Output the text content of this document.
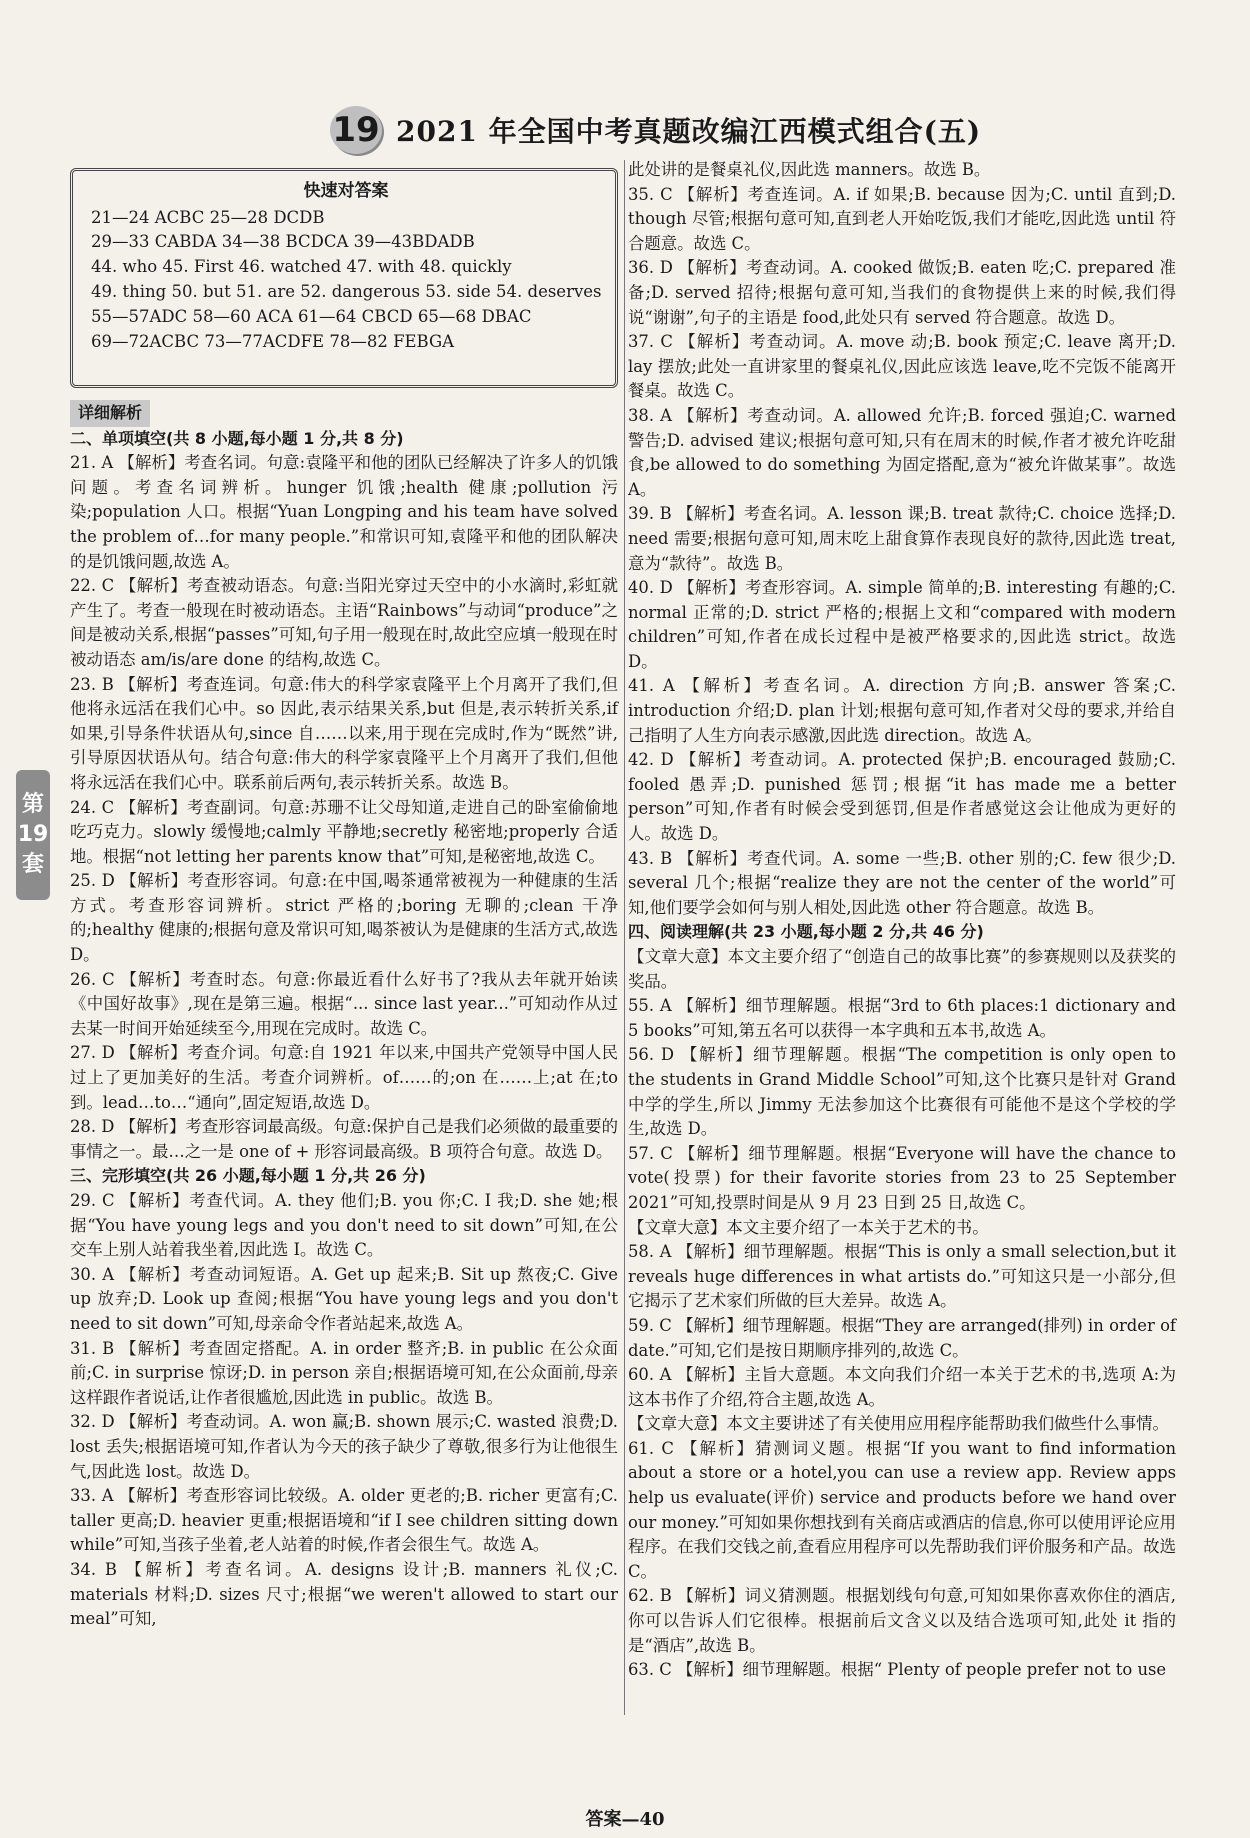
19 2021 年全国中考真题改编江西模式组合(五)
快速对答案
21—24 ACBC 25—28 DCDB
29—33 CABDA 34—38 BCDCA 39—43BDADB
44. who 45. First 46. watched 47. with 48. quickly
49. thing 50. but 51. are 52. dangerous 53. side 54. deserves
55—57ADC 58—60 ACA 61—64 CBCD 65—68 DBAC
69—72ACBC 73—77ACDFE 78—82 FEBGA
详细解析

二、单项填空(共 8 小题,每小题 1 分,共 8 分)

21. A 【解析】考查名词。句意:袁隆平和他的团队已经解决了许多人的饥饿问题。考查名词辨析。hunger 饥饿;health 健康;pollution 污染;population 人口。根据“Yuan Longping and his team have solved the problem of…for many people.”和常识可知,袁隆平和他的团队解决的是饥饿问题,故选 A。

22. C 【解析】考查被动语态。句意:当阳光穿过天空中的小水滴时,彩虹就产生了。考查一般现在时被动语态。主语“Rainbows”与动词“produce”之间是被动关系,根据“passes”可知,句子用一般现在时,故此空应填一般现在时被动语态 am/is/are done 的结构,故选 C。

23. B 【解析】考查连词。句意:伟大的科学家袁隆平上个月离开了我们,但他将永远活在我们心中。so 因此,表示结果关系,but 但是,表示转折关系,if 如果,引导条件状语从句,since 自……以来,用于现在完成时,作为“既然”讲,引导原因状语从句。结合句意:伟大的科学家袁隆平上个月离开了我们,但他将永远活在我们心中。联系前后两句,表示转折关系。故选 B。

24. C 【解析】考查副词。句意:苏珊不让父母知道,走进自己的卧室偷偷地吃巧克力。slowly 缓慢地;calmly 平静地;secretly 秘密地;properly 合适地。根据“not letting her parents know that”可知,是秘密地,故选 C。

25. D 【解析】考查形容词。句意:在中国,喝茶通常被视为一种健康的生活方式。考查形容词辨析。strict 严格的;boring 无聊的;clean 干净的;healthy 健康的;根据句意及常识可知,喝茶被认为是健康的生活方式,故选 D。

26. C 【解析】考查时态。句意:你最近看什么好书了?我从去年就开始读《中国好故事》,现在是第三遍。根据“... since last year...”可知动作从过去某一时间开始延续至今,用现在完成时。故选 C。

27. D 【解析】考查介词。句意:自 1921 年以来,中国共产党领导中国人民过上了更加美好的生活。考查介词辨析。of……的;on 在……上;at 在;to 到。lead…to…“通向”,固定短语,故选 D。

28. D 【解析】考查形容词最高级。句意:保护自己是我们必须做的最重要的事情之一。最…之一是 one of + 形容词最高级。B 项符合句意。故选 D。

三、完形填空(共 26 小题,每小题 1 分,共 26 分)

29. C 【解析】考查代词。A. they 他们;B. you 你;C. I 我;D. she 她;根据“You have young legs and you don't need to sit down”可知,在公交车上别人站着我坐着,因此选 I。故选 C。

30. A 【解析】考查动词短语。A. Get up 起来;B. Sit up 熬夜;C. Give up 放弃;D. Look up 查阅;根据“You have young legs and you don't need to sit down”可知,母亲命令作者站起来,故选 A。

31. B 【解析】考查固定搭配。A. in order 整齐;B. in public 在公众面前;C. in surprise 惊讶;D. in person 亲自;根据语境可知,在公众面前,母亲这样跟作者说话,让作者很尴尬,因此选 in public。故选 B。

32. D 【解析】考查动词。A. won 赢;B. shown 展示;C. wasted 浪费;D. lost 丢失;根据语境可知,作者认为今天的孩子缺少了尊敬,很多行为让他很生气,因此选 lost。故选 D。

33. A 【解析】考查形容词比较级。A. older 更老的;B. richer 更富有;C. taller 更高;D. heavier 更重;根据语境和“if I see children sitting down while”可知,当孩子坐着,老人站着的时候,作者会很生气。故选 A。

34. B 【解析】考查名词。A. designs 设计;B. manners 礼仪;C. materials 材料;D. sizes 尺寸;根据“we weren't allowed to start our meal”可知,

此处讲的是餐桌礼仪,因此选 manners。故选 B。

35. C 【解析】考查连词。A. if 如果;B. because 因为;C. until 直到;D. though 尽管;根据句意可知,直到老人开始吃饭,我们才能吃,因此选 until 符合题意。故选 C。

36. D 【解析】考查动词。A. cooked 做饭;B. eaten 吃;C. prepared 准备;D. served 招待;根据句意可知,当我们的食物提供上来的时候,我们得说“谢谢”,句子的主语是 food,此处只有 served 符合题意。故选 D。

37. C 【解析】考查动词。A. move 动;B. book 预定;C. leave 离开;D. lay 摆放;此处一直讲家里的餐桌礼仪,因此应该选 leave,吃不完饭不能离开餐桌。故选 C。

38. A 【解析】考查动词。A. allowed 允许;B. forced 强迫;C. warned 警告;D. advised 建议;根据句意可知,只有在周末的时候,作者才被允许吃甜食,be allowed to do something 为固定搭配,意为“被允许做某事”。故选 A。

39. B 【解析】考查名词。A. lesson 课;B. treat 款待;C. choice 选择;D. need 需要;根据句意可知,周末吃上甜食算作表现良好的款待,因此选 treat,意为“款待”。故选 B。

40. D 【解析】考查形容词。A. simple 简单的;B. interesting 有趣的;C. normal 正常的;D. strict 严格的;根据上文和“compared with modern children”可知,作者在成长过程中是被严格要求的,因此选 strict。故选 D。

41. A 【解析】考查名词。A. direction 方向;B. answer 答案;C. introduction 介绍;D. plan 计划;根据句意可知,作者对父母的要求,并给自己指明了人生方向表示感激,因此选 direction。故选 A。

42. D 【解析】考查动词。A. protected 保护;B. encouraged 鼓励;C. fooled 愚弄;D. punished 惩罚;根据“it has made me a better person”可知,作者有时候会受到惩罚,但是作者感觉这会让他成为更好的人。故选 D。

43. B 【解析】考查代词。A. some 一些;B. other 别的;C. few 很少;D. several 几个;根据“realize they are not the center of the world”可知,他们要学会如何与别人相处,因此选 other 符合题意。故选 B。

四、阅读理解(共 23 小题,每小题 2 分,共 46 分)

【文章大意】本文主要介绍了“创造自己的故事比赛”的参赛规则以及获奖的奖品。

55. A 【解析】细节理解题。根据“3rd to 6th places:1 dictionary and 5 books”可知,第五名可以获得一本字典和五本书,故选 A。

56. D 【解析】细节理解题。根据“The competition is only open to the students in Grand Middle School”可知,这个比赛只是针对 Grand 中学的学生,所以 Jimmy 无法参加这个比赛很有可能他不是这个学校的学生,故选 D。

57. C 【解析】细节理解题。根据“Everyone will have the chance to vote(投票) for their favorite stories from 23 to 25 September 2021”可知,投票时间是从 9 月 23 日到 25 日,故选 C。

【文章大意】本文主要介绍了一本关于艺术的书。

58. A 【解析】细节理解题。根据“This is only a small selection,but it reveals huge differences in what artists do.”可知这只是一小部分,但它揭示了艺术家们所做的巨大差异。故选 A。

59. C 【解析】细节理解题。根据“They are arranged(排列) in order of date.”可知,它们是按日期顺序排列的,故选 C。

60. A 【解析】主旨大意题。本文向我们介绍一本关于艺术的书,选项 A:为这本书作了介绍,符合主题,故选 A。

【文章大意】本文主要讲述了有关使用应用程序能帮助我们做些什么事情。

61. C 【解析】猜测词义题。根据“If you want to find information about a store or a hotel,you can use a review app. Review apps help us evaluate(评价) service and products before we hand over our money.”可知如果你想找到有关商店或酒店的信息,你可以使用评论应用程序。在我们交钱之前,查看应用程序可以先帮助我们评价服务和产品。故选 C。

62. B 【解析】词义猜测题。根据划线句句意,可知如果你喜欢你住的酒店,你可以告诉人们它很棒。根据前后文含义以及结合选项可知,此处 it 指的是“酒店”,故选 B。

63. C 【解析】细节理解题。根据“ Plenty of people prefer not to use

第
19
套
答案—40
